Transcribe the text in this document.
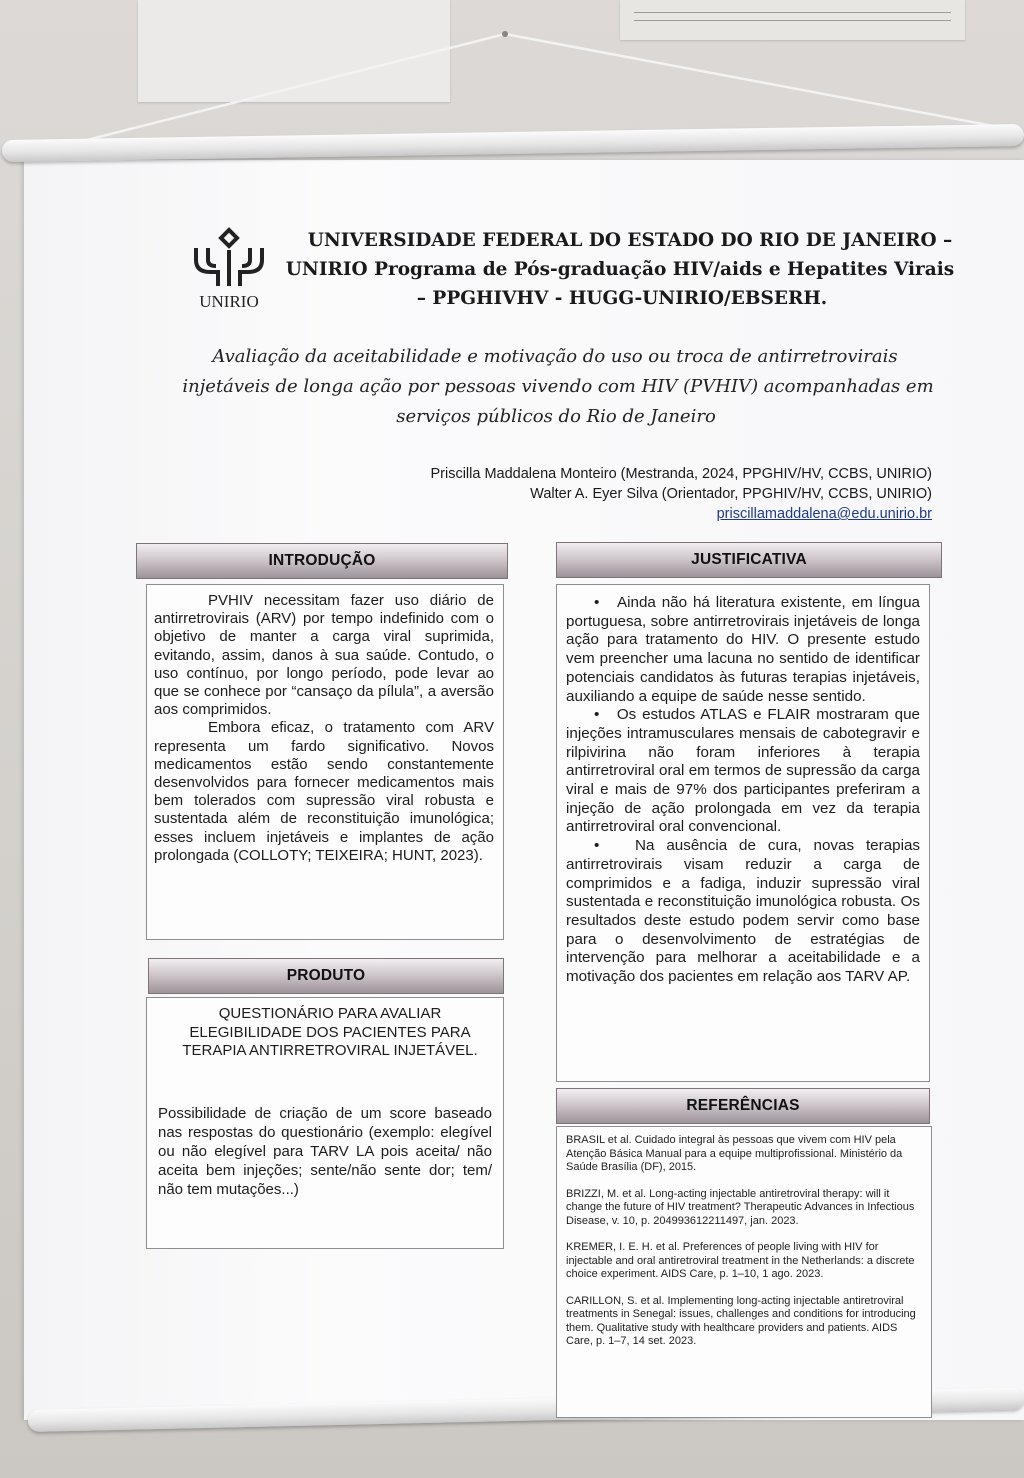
UNIRIO
UNIVERSIDADE FEDERAL DO ESTADO DO RIO DE JANEIRO –
UNIRIO Programa de Pós-graduação HIV/aids e Hepatites Virais
– PPGHIVHV - HUGG-UNIRIO/EBSERH.
Avaliação da aceitabilidade e motivação do uso ou troca de antirretrovirais
injetáveis de longa ação por pessoas vivendo com HIV (PVHIV) acompanhadas em
serviços públicos do Rio de Janeiro
Priscilla Maddalena Monteiro (Mestranda, 2024, PPGHIV/HV, CCBS, UNIRIO)
Walter A. Eyer Silva (Orientador, PPGHIV/HV, CCBS, UNIRIO)
priscillamaddalena@edu.unirio.br
INTRODUÇÃO

PVHIV necessitam fazer uso diário de antirretrovirais (ARV) por tempo indefinido com o objetivo de manter a carga viral suprimida, evitando, assim, danos à sua saúde. Contudo, o uso contínuo, por longo período, pode levar ao que se conhece por “cansaço da pílula”, a aversão aos comprimidos.

Embora eficaz, o tratamento com ARV representa um fardo significativo. Novos medicamentos estão sendo constantemente desenvolvidos para fornecer medicamentos mais bem tolerados com supressão viral robusta e sustentada além de reconstituição imunológica; esses incluem injetáveis e implantes de ação prolongada (COLLOTY; TEIXEIRA; HUNT, 2023).

PRODUTO
QUESTIONÁRIO PARA AVALIAR ELEGIBILIDADE DOS PACIENTES PARA TERAPIA ANTIRRETROVIRAL INJETÁVEL.
Possibilidade de criação de um score baseado nas respostas do questionário (exemplo: elegível ou não elegível para TARV LA pois aceita/ não aceita bem injeções; sente/não sente dor; tem/ não tem mutações...)
JUSTIFICATIVA

• Ainda não há literatura existente, em língua portuguesa, sobre antirretrovirais injetáveis de longa ação para tratamento do HIV. O presente estudo vem preencher uma lacuna no sentido de identificar potenciais candidatos às futuras terapias injetáveis, auxiliando a equipe de saúde nesse sentido.

• Os estudos ATLAS e FLAIR mostraram que injeções intramusculares mensais de cabotegravir e rilpivirina não foram inferiores à terapia antirretroviral oral em termos de supressão da carga viral e mais de 97% dos participantes preferiram a injeção de ação prolongada em vez da terapia antirretroviral oral convencional.

• Na ausência de cura, novas terapias antirretrovirais visam reduzir a carga de comprimidos e a fadiga, induzir supressão viral sustentada e reconstituição imunológica robusta. Os resultados deste estudo podem servir como base para o desenvolvimento de estratégias de intervenção para melhorar a aceitabilidade e a motivação dos pacientes em relação aos TARV AP.

REFERÊNCIAS

BRASIL et al. Cuidado integral às pessoas que vivem com HIV pela Atenção Básica Manual para a equipe multiprofissional. Ministério da Saúde Brasília (DF), 2015.

BRIZZI, M. et al. Long-acting injectable antiretroviral therapy: will it change the future of HIV treatment? Therapeutic Advances in Infectious Disease, v. 10, p. 204993612211497, jan. 2023.

KREMER, I. E. H. et al. Preferences of people living with HIV for injectable and oral antiretroviral treatment in the Netherlands: a discrete choice experiment. AIDS Care, p. 1–10, 1 ago. 2023.

CARILLON, S. et al. Implementing long-acting injectable antiretroviral treatments in Senegal: issues, challenges and conditions for introducing them. Qualitative study with healthcare providers and patients. AIDS Care, p. 1–7, 14 set. 2023.
